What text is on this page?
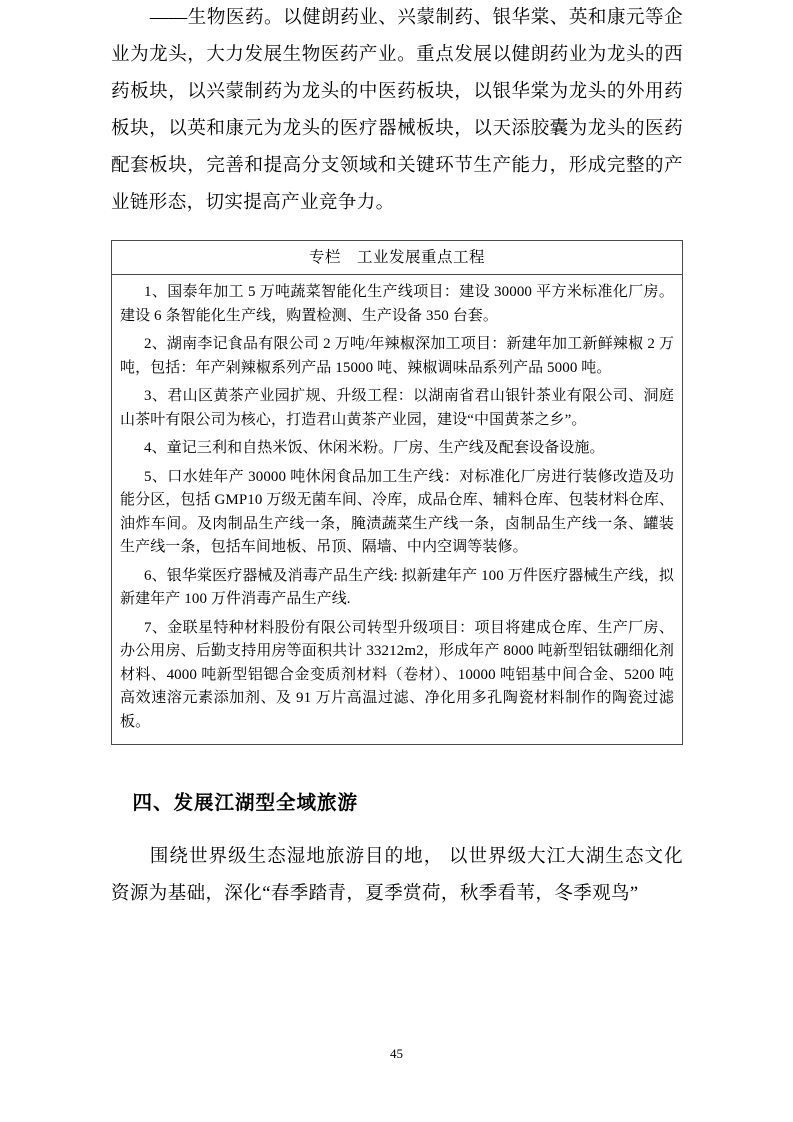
——生物医药。以健朗药业、兴蒙制药、银华棠、英和康元等企业为龙头，大力发展生物医药产业。重点发展以健朗药业为龙头的西药板块，以兴蒙制药为龙头的中医药板块，以银华棠为龙头的外用药板块，以英和康元为龙头的医疗器械板块，以天添胶囊为龙头的医药配套板块，完善和提高分支领域和关键环节生产能力，形成完整的产业链形态，切实提高产业竞争力。

专栏　工业发展重点工程

1、国泰年加工 5 万吨蔬菜智能化生产线项目：建设 30000 平方米标准化厂房。建设 6 条智能化生产线，购置检测、生产设备 350 台套。

2、湖南李记食品有限公司 2 万吨/年辣椒深加工项目：新建年加工新鲜辣椒 2 万吨，包括：年产剁辣椒系列产品 15000 吨、辣椒调味品系列产品 5000 吨。

3、君山区黄茶产业园扩规、升级工程：以湖南省君山银针茶业有限公司、洞庭山茶叶有限公司为核心，打造君山黄茶产业园，建设“中国黄茶之乡”。

4、童记三利和自热米饭、休闲米粉。厂房、生产线及配套设备设施。

5、口水娃年产 30000 吨休闲食品加工生产线：对标准化厂房进行装修改造及功能分区，包括 GMP10 万级无菌车间、冷库，成品仓库、辅料仓库、包装材料仓库、油炸车间。及肉制品生产线一条，腌渍蔬菜生产线一条，卤制品生产线一条、罐装生产线一条，包括车间地板、吊顶、隔墙、中内空调等装修。

6、银华棠医疗器械及消毒产品生产线: 拟新建年产 100 万件医疗器械生产线，拟新建年产 100 万件消毒产品生产线.

7、金联星特种材料股份有限公司转型升级项目：项目将建成仓库、生产厂房、办公用房、后勤支持用房等面积共计 33212m2，形成年产 8000 吨新型铝钛硼细化剂材料、4000 吨新型铝锶合金变质剂材料（卷材）、10000 吨铝基中间合金、5200 吨高效速溶元素添加剂、及 91 万片高温过滤、净化用多孔陶瓷材料制作的陶瓷过滤板。

四、发展江湖型全域旅游

围绕世界级生态湿地旅游目的地， 以世界级大江大湖生态文化资源为基础，深化“春季踏青，夏季赏荷，秋季看苇，冬季观鸟”

45
